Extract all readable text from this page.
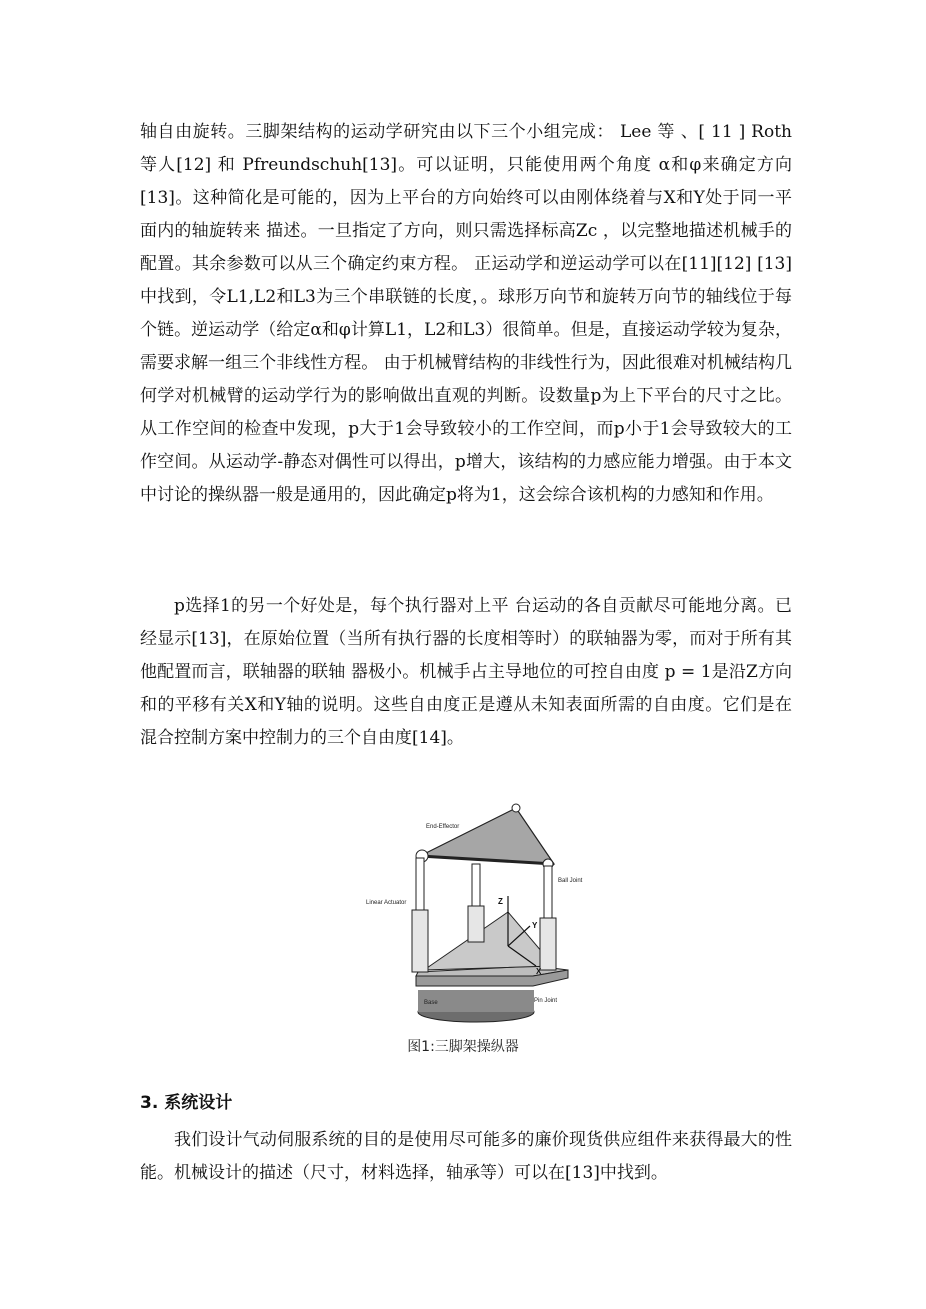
轴自由旋转。三脚架结构的运动学研究由以下三个小组完成： Lee 等 、[ 11 ] Roth 等人[12] 和 Pfreundschuh[13]。可以证明，只能使用两个角度 α和φ来确定方向[13]。这种简化是可能的，因为上平台的方向始终可以由刚体绕着与X和Y处于同一平面内的轴旋转来 描述。一旦指定了方向，则只需选择标高Zc ，以完整地描述机械手的配置。其余参数可以从三个确定约束方程。 正运动学和逆运动学可以在[11][12] [13]中找到，令L1,L2和L3为三个串联链的长度，。球形万向节和旋转万向节的轴线位于每个链。逆运动学（给定α和φ计算L1，L2和L3）很简单。但是，直接运动学较为复杂，需要求解一组三个非线性方程。 由于机械臂结构的非线性行为，因此很难对机械结构几何学对机械臂的运动学行为的影响做出直观的判断。设数量p为上下平台的尺寸之比。从工作空间的检查中发现，p大于1会导致较小的工作空间，而p小于1会导致较大的工作空间。从运动学-静态对偶性可以得出，p增大，该结构的力感应能力增强。由于本文中讨论的操纵器一般是通用的，因此确定p将为1，这会综合该机构的力感知和作用。

p选择1的另一个好处是，每个执行器对上平 台运动的各自贡献尽可能地分离。已经显示[13]，在原始位置（当所有执行器的长度相等时）的联轴器为零，而对于所有其他配置而言，联轴器的联轴 器极小。机械手占主导地位的可控自由度 p = 1是沿Z方向和的平移有关X和Y轴的说明。这些自由度正是遵从未知表面所需的自由度。它们是在混合控制方案中控制力的三个自由度[14]。

Z
Y
X
End-Effector
Ball Joint
Linear Actuator
Base	Pin Joint
图1:三脚架操纵器
3. 系统设计

我们设计气动伺服系统的目的是使用尽可能多的廉价现货供应组件来获得最大的性能。机械设计的描述（尺寸，材料选择，轴承等）可以在[13]中找到。
